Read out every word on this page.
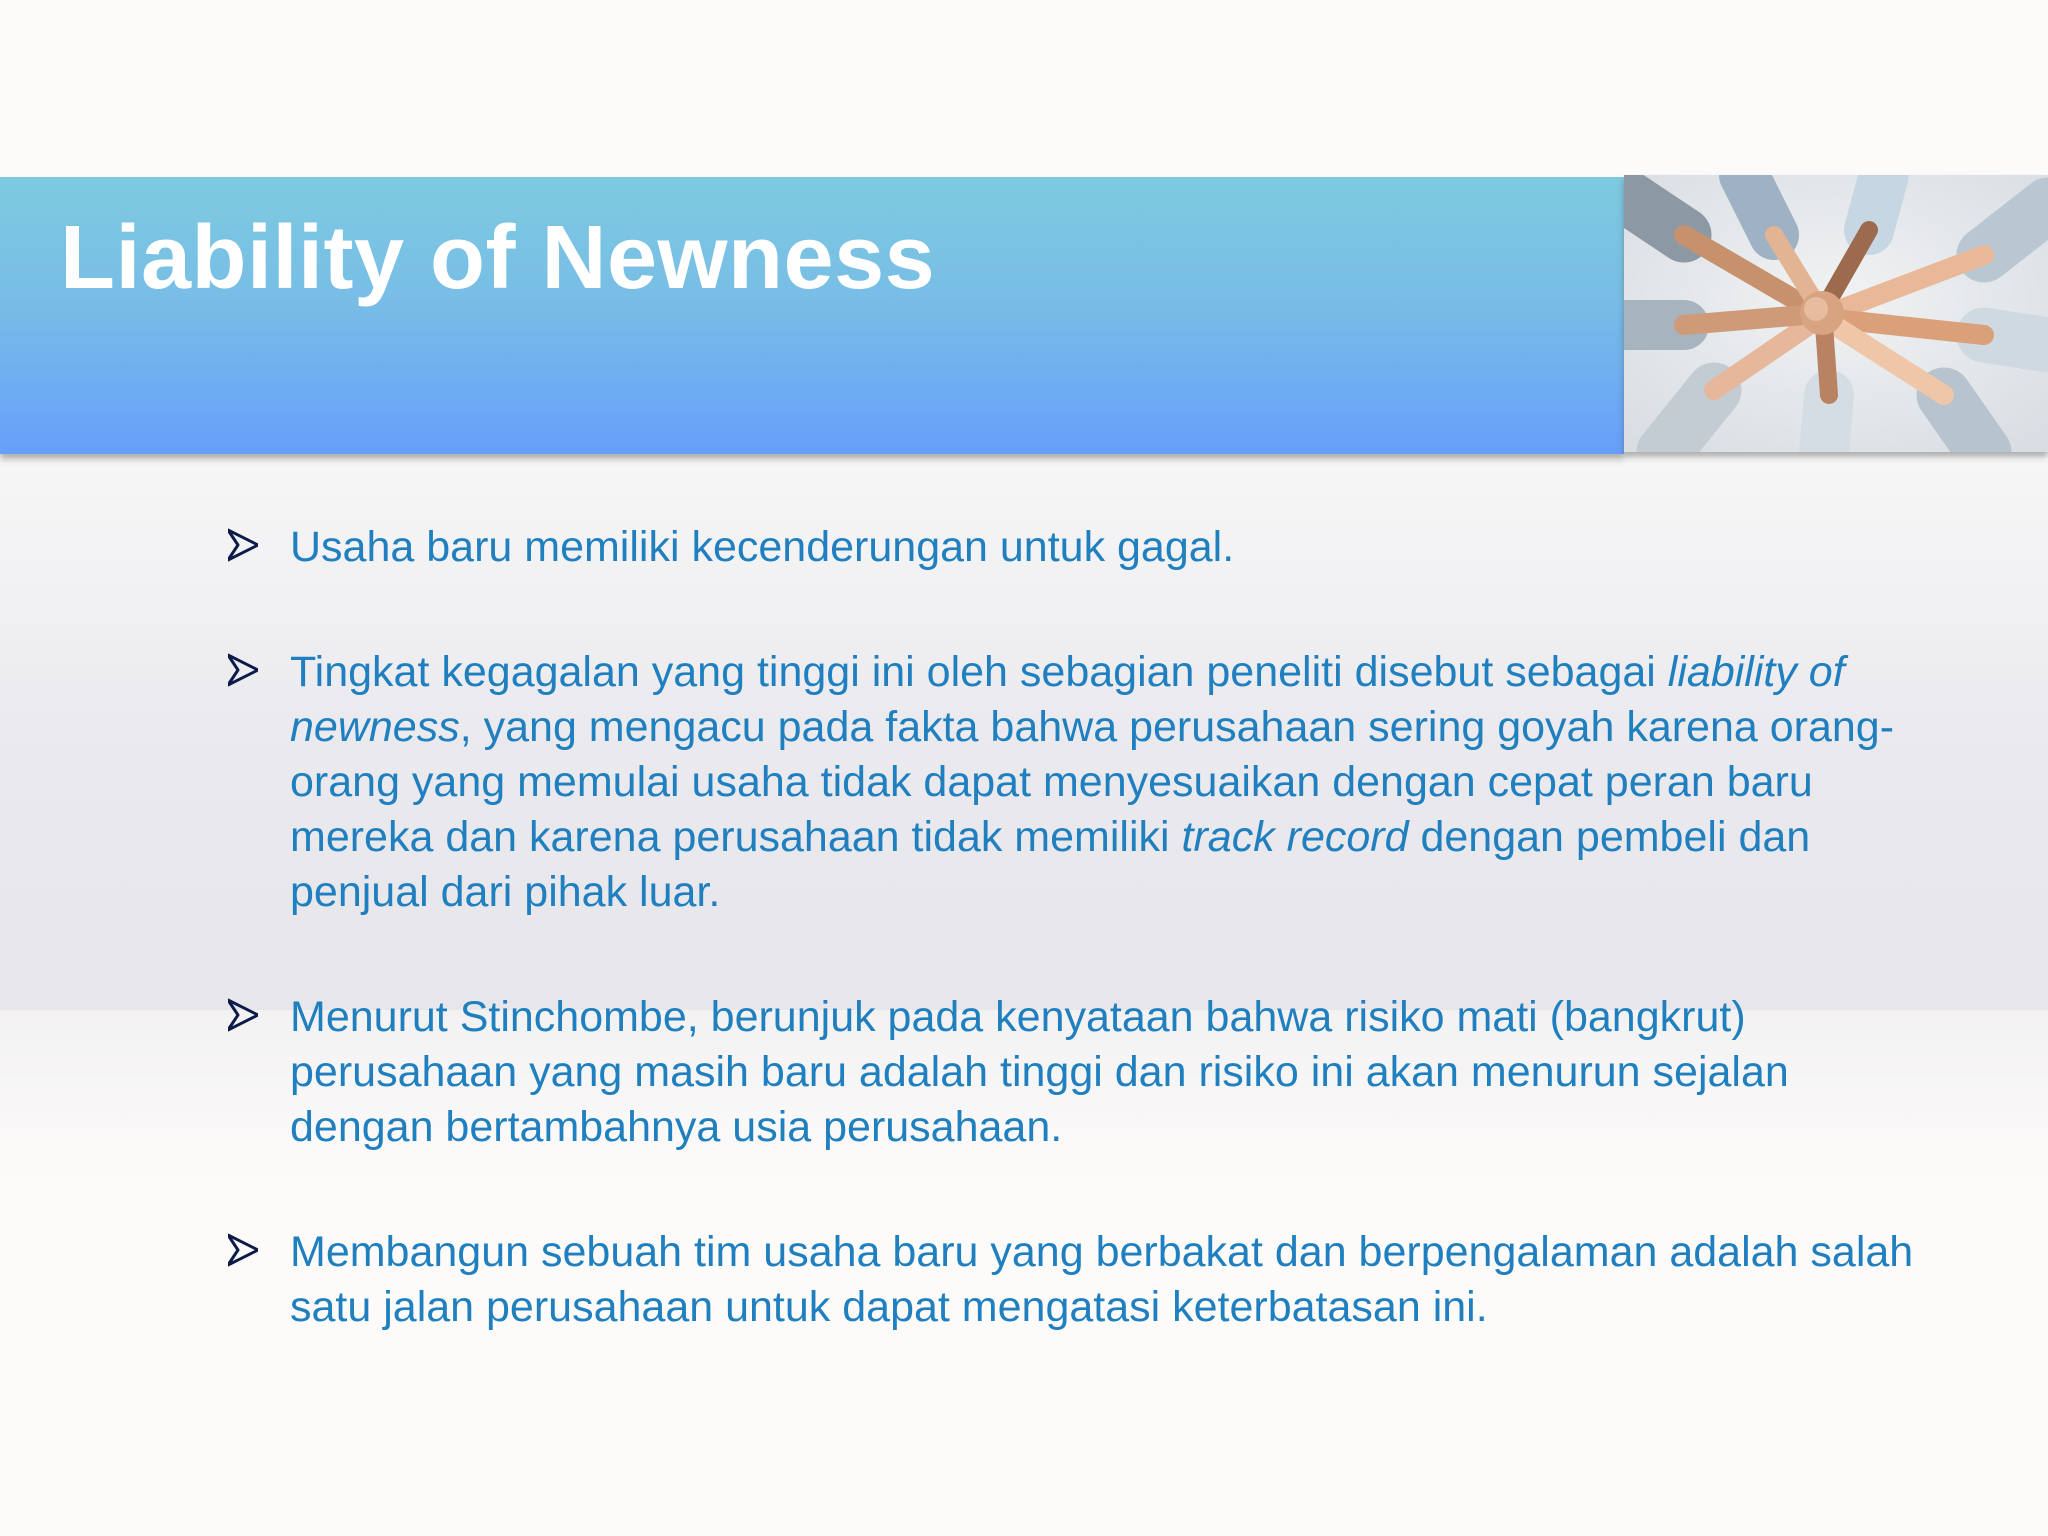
Liability of Newness
Usaha baru memiliki kecenderungan untuk gagal.
Tingkat kegagalan yang tinggi ini oleh sebagian peneliti disebut sebagai liability of newness, yang mengacu pada fakta bahwa perusahaan sering goyah karena orang-orang yang memulai usaha tidak dapat menyesuaikan dengan cepat peran baru mereka dan karena perusahaan tidak memiliki track record dengan pembeli dan penjual dari pihak luar.
Menurut Stinchombe, berunjuk pada kenyataan bahwa risiko mati (bangkrut) perusahaan yang masih baru adalah tinggi dan risiko ini akan menurun sejalan dengan bertambahnya usia perusahaan.
Membangun sebuah tim usaha baru yang berbakat dan berpengalaman adalah salah satu jalan perusahaan untuk dapat mengatasi keterbatasan ini.
